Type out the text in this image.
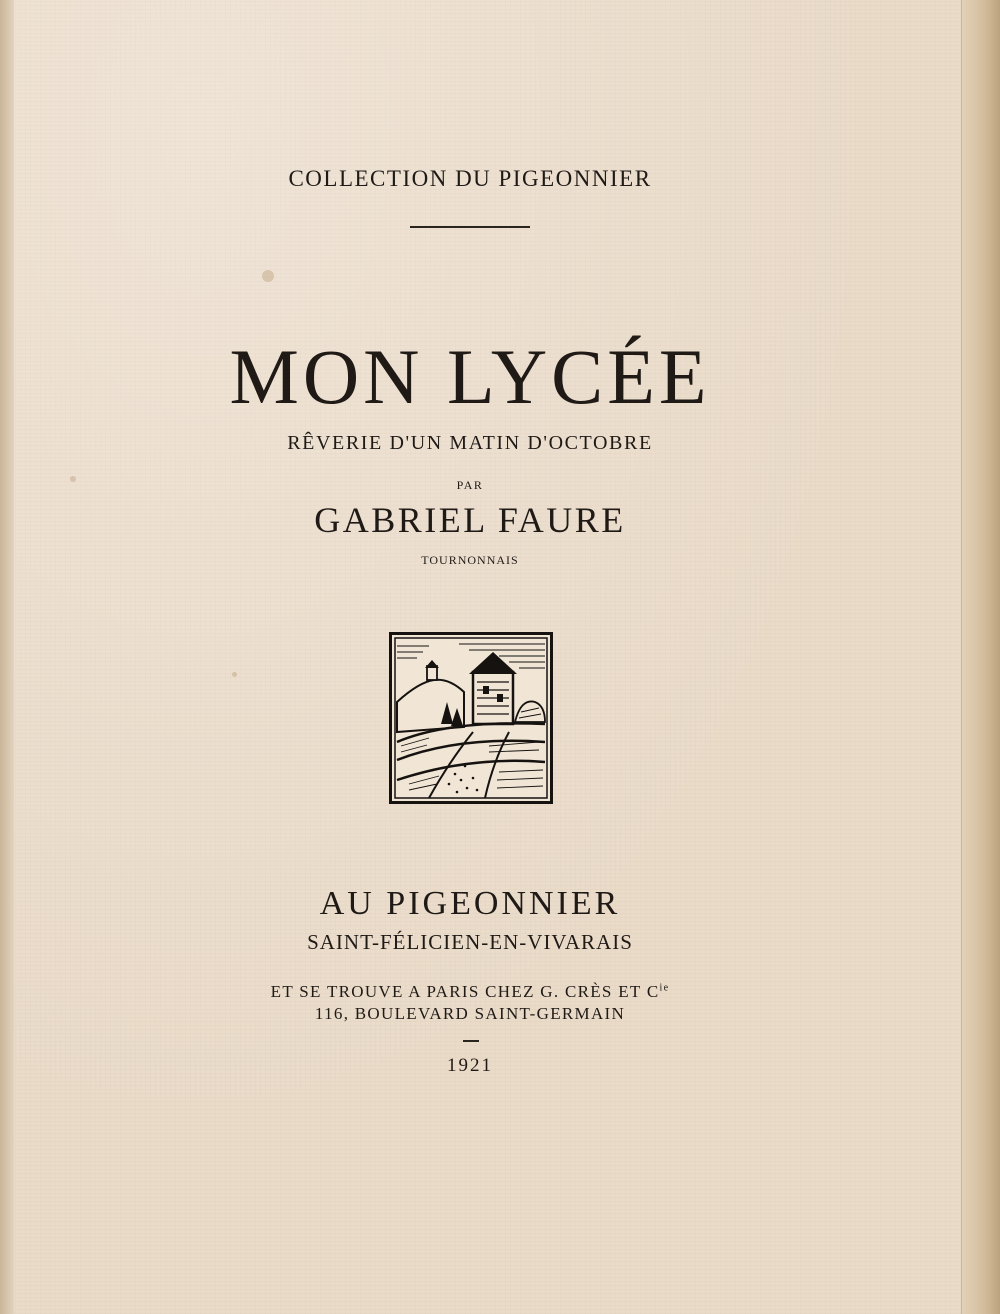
COLLECTION DU PIGEONNIER

MON LYCÉE

RÊVERIE D'UN MATIN D'OCTOBRE

PAR

GABRIEL FAURE

TOURNONNAIS

AU PIGEONNIER

SAINT-FÉLICIEN-EN-VIVARAIS

ET SE TROUVE A PARIS CHEZ G. CRÈS ET $C^{ie}$

116, BOULEVARD SAINT-GERMAIN

1921
